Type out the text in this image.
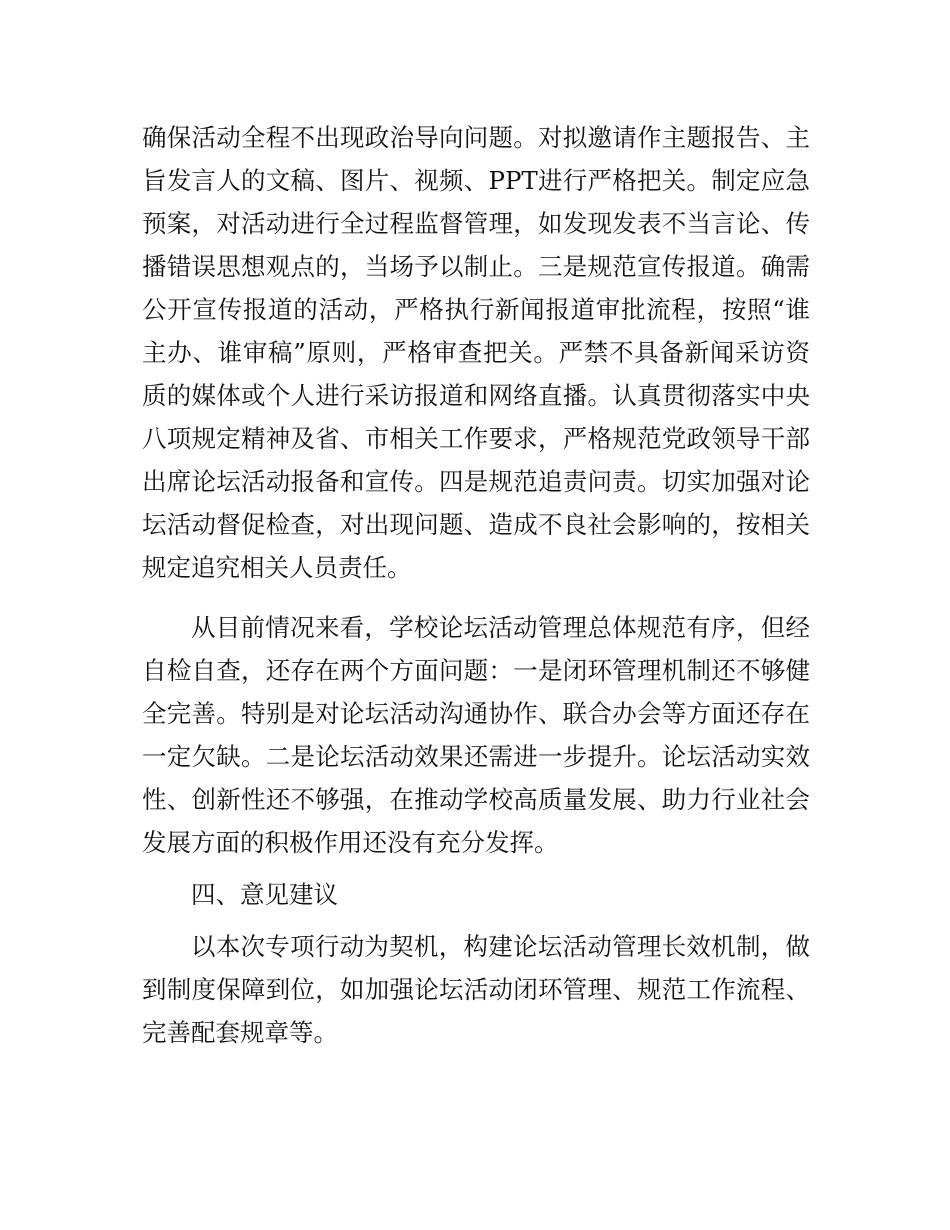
确保活动全程不出现政治导向问题。对拟邀请作主题报告、主旨发言人的文稿、图片、视频、PPT进行严格把关。制定应急预案，对活动进行全过程监督管理，如发现发表不当言论、传播错误思想观点的，当场予以制止。三是规范宣传报道。确需公开宣传报道的活动，严格执行新闻报道审批流程，按照“谁主办、谁审稿”原则，严格审查把关。严禁不具备新闻采访资质的媒体或个人进行采访报道和网络直播。认真贯彻落实中央八项规定精神及省、市相关工作要求，严格规范党政领导干部出席论坛活动报备和宣传。四是规范追责问责。切实加强对论坛活动督促检查，对出现问题、造成不良社会影响的，按相关规定追究相关人员责任。

从目前情况来看，学校论坛活动管理总体规范有序，但经自检自查，还存在两个方面问题：一是闭环管理机制还不够健全完善。特别是对论坛活动沟通协作、联合办会等方面还存在一定欠缺。二是论坛活动效果还需进一步提升。论坛活动实效性、创新性还不够强，在推动学校高质量发展、助力行业社会发展方面的积极作用还没有充分发挥。

四、意见建议

以本次专项行动为契机，构建论坛活动管理长效机制，做到制度保障到位，如加强论坛活动闭环管理、规范工作流程、完善配套规章等。
